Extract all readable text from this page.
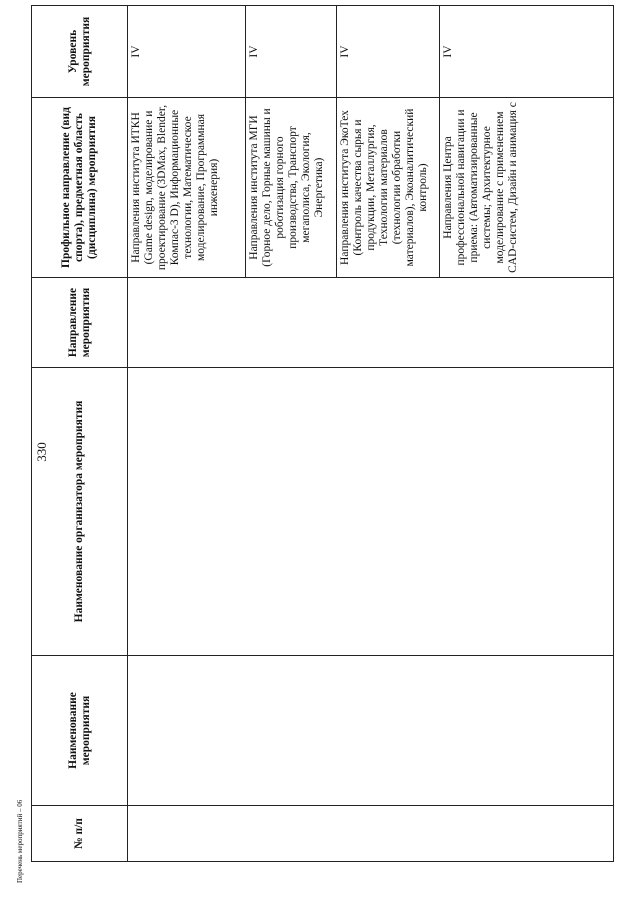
330
Перечень мероприятий – 06	№ п/п	Наименование мероприятия	Наименование организатора мероприятия	Направление мероприятия	Профильное направление (вид спорта), предметная область (дисциплина) мероприятия	Уровень мероприятия
				Направления института ИТКН (Game design, моделирование и проектирование (3DMax, Blender, Компас-3 D), Информационные технологии, Математическое моделирование, Программная инженерия)	IV
				Направления института МГИ (Горное дело, Горные машины и роботизация горного производства, Транспорт мегаполиса, Экология, Энергетика)	IV
				Направления института ЭкоТех (Контроль качества сырья и продукции, Металлургия, Технологии материалов (технологии обработки материалов), Экоаналитический контроль)	IV
				Направления Центра профессиональной навигации и приема: (Автоматизированные системы; Архитектурное моделирование с применением CAD-систем, Дизайн и анимация с	IV
